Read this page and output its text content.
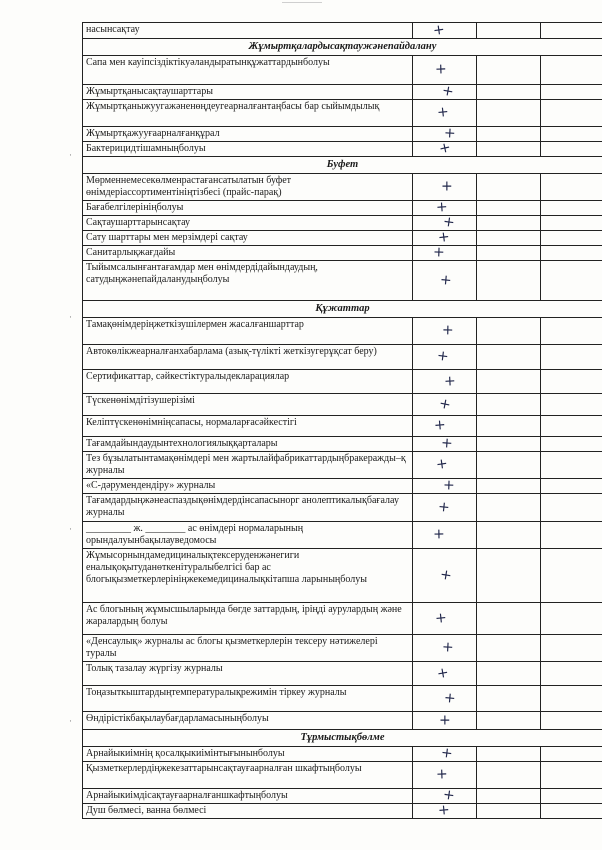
насынсақтау	+		

Жұмыртқалардысақтаужәнепайдалану			
Сапа мен кауіпсіздіктікуәландыратынқұжаттардынболуы	+		

Жұмыртқанысақтаушарттары	+		

Жұмыртқаныжуугажәненөңдеугеарналғантаңбасы бар сыйымдылық	+		

Жұмыртқажууғаарналғанқұрал	+		

Бактерицидтішамныңболуы	+		

Буфет			
Мөрменнемесекөлменрастағансатылатын буфет өнімдеріассортиментініңтізбесі (прайс-парақ)	+		

Бағабелгілерініңболуы	+		

Сақтаушарттарынсақтау	+		

Сату шарттары мен мерзімдері сақтау	+		

Санитарлықжағдайы	+		

Тыйымсалынғантағамдар мен өнімдердідайындаудың, сатудыңжәнепайдаланудыңболуы	+		

Құжаттар			
Тамақөнімдеріңжеткізушілермен жасалғаншарттар	+		

Автокөлікжеарналғанхабарлама (азық-түлікті жеткізугерұқсат беру)	+		

Сертификаттар, сәйкестіктуралыдекларациялар	+		

Түскенөнімдітізушерізімі	+		

Келіптүскенөнімніңсапасы, нормаларғасәйкестігі	+		

Тағамдайындаудынтехнологиялыққарталары	+		

Тез бұзылатынтамақөнімдері мен жартылайфабрикаттардыңбракеражды–қ журналы	+		

«С-дәрумендендіру» журналы	+		

Тағамдардыңжәнеаспаздықөнімдердінсапасынорг анолептикалықбағалау журналы	+		

_________ ж. ________ ас өнімдері нормаларының орындалуынбақылауведомосы	+		

Жұмысорнындамедициналықтексеруденжәнегиги еналықоқытуданөткенітуралыбелгісі бар ас блогықызметкерлерініңжекемедициналықкітапша ларыныңболуы	+		

Ас блогының жұмысшыларында бөгде заттардың, іріңді аурулардың және жаралардың болуы	+		

«Денсаулық» журналы ас блогы қызметкерлерін тексеру нәтижелері туралы	+		

Толық тазалау жүргізу журналы	+		

Тоңазыткыштардыңтемпературалықрежимін тіркеу журналы	+		

Өндірістікбақылаубағдарламасыныңболуы	+		

Тұрмыстықбөлме			
Арнайыкиімнің қосалқыкиімінтығынынболуы	+		

Қызметкерлердіңжекезаттарынсақтауғаарналған шкафтыңболуы	+		

Арнайыкиімдісақтауғаарналғаншкафтыңболуы	+		

Душ бөлмесі, ванна бөлмесі	+		

·
·
·
·
